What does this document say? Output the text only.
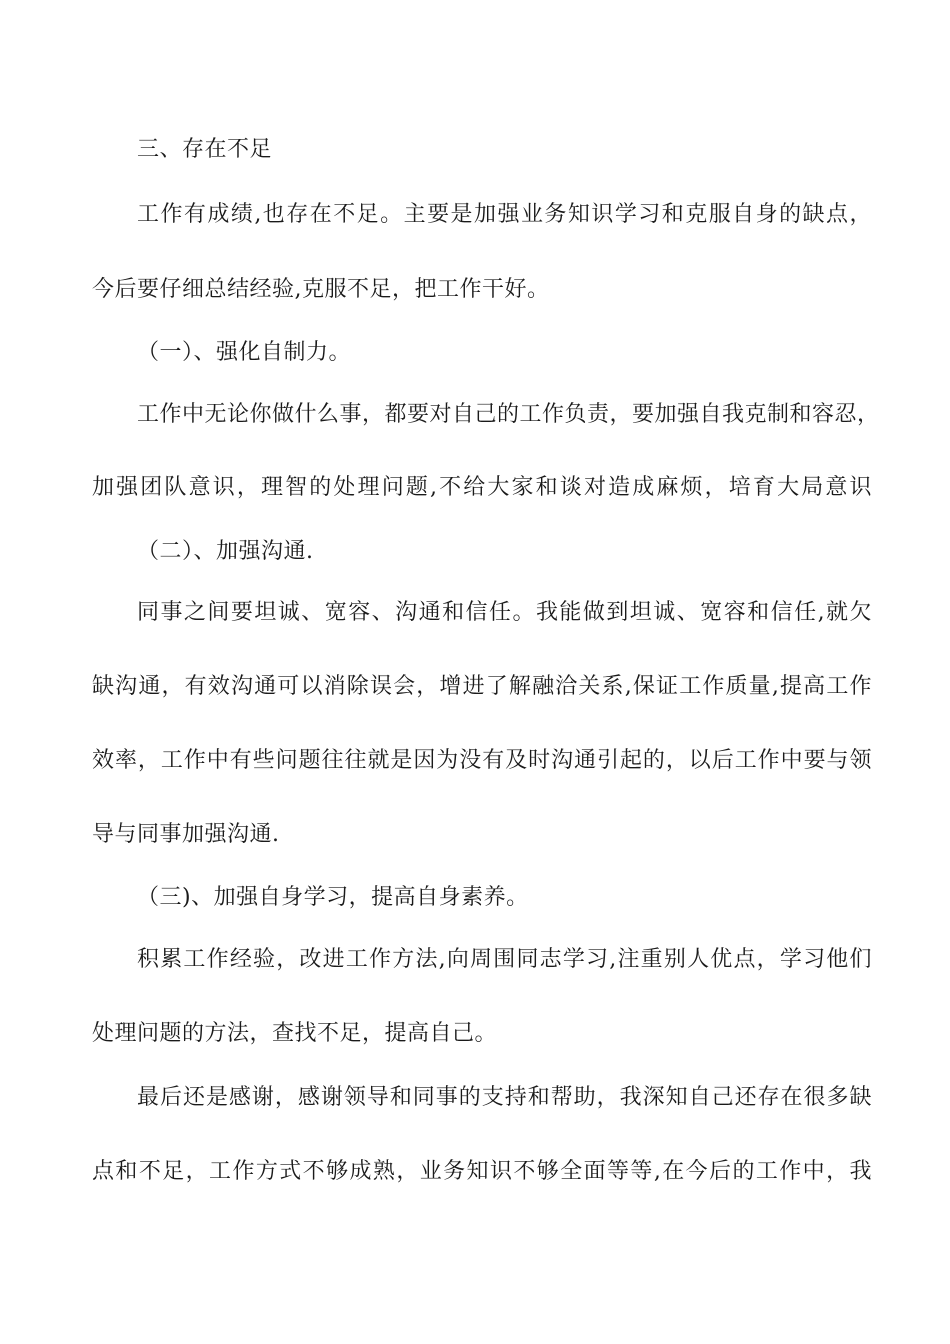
三、存在不足
工作有成绩,也存在不足。主要是加强业务知识学习和克服自身的缺点，
今后要仔细总结经验,克服不足，把工作干好。
（一）、强化自制力。
工作中无论你做什么事，都要对自己的工作负责，要加强自我克制和容忍，
加强团队意识，理智的处理问题,不给大家和谈对造成麻烦，培育大局意识
（二）、加强沟通.
同事之间要坦诚、宽容、沟通和信任。我能做到坦诚、宽容和信任,就欠
缺沟通，有效沟通可以消除误会，增进了解融洽关系,保证工作质量,提高工作
效率，工作中有些问题往往就是因为没有及时沟通引起的，以后工作中要与领
导与同事加强沟通.
（三)、加强自身学习，提高自身素养。
积累工作经验，改进工作方法,向周围同志学习,注重别人优点，学习他们
处理问题的方法，查找不足，提高自己。
最后还是感谢，感谢领导和同事的支持和帮助，我深知自己还存在很多缺
点和不足，工作方式不够成熟，业务知识不够全面等等,在今后的工作中，我
